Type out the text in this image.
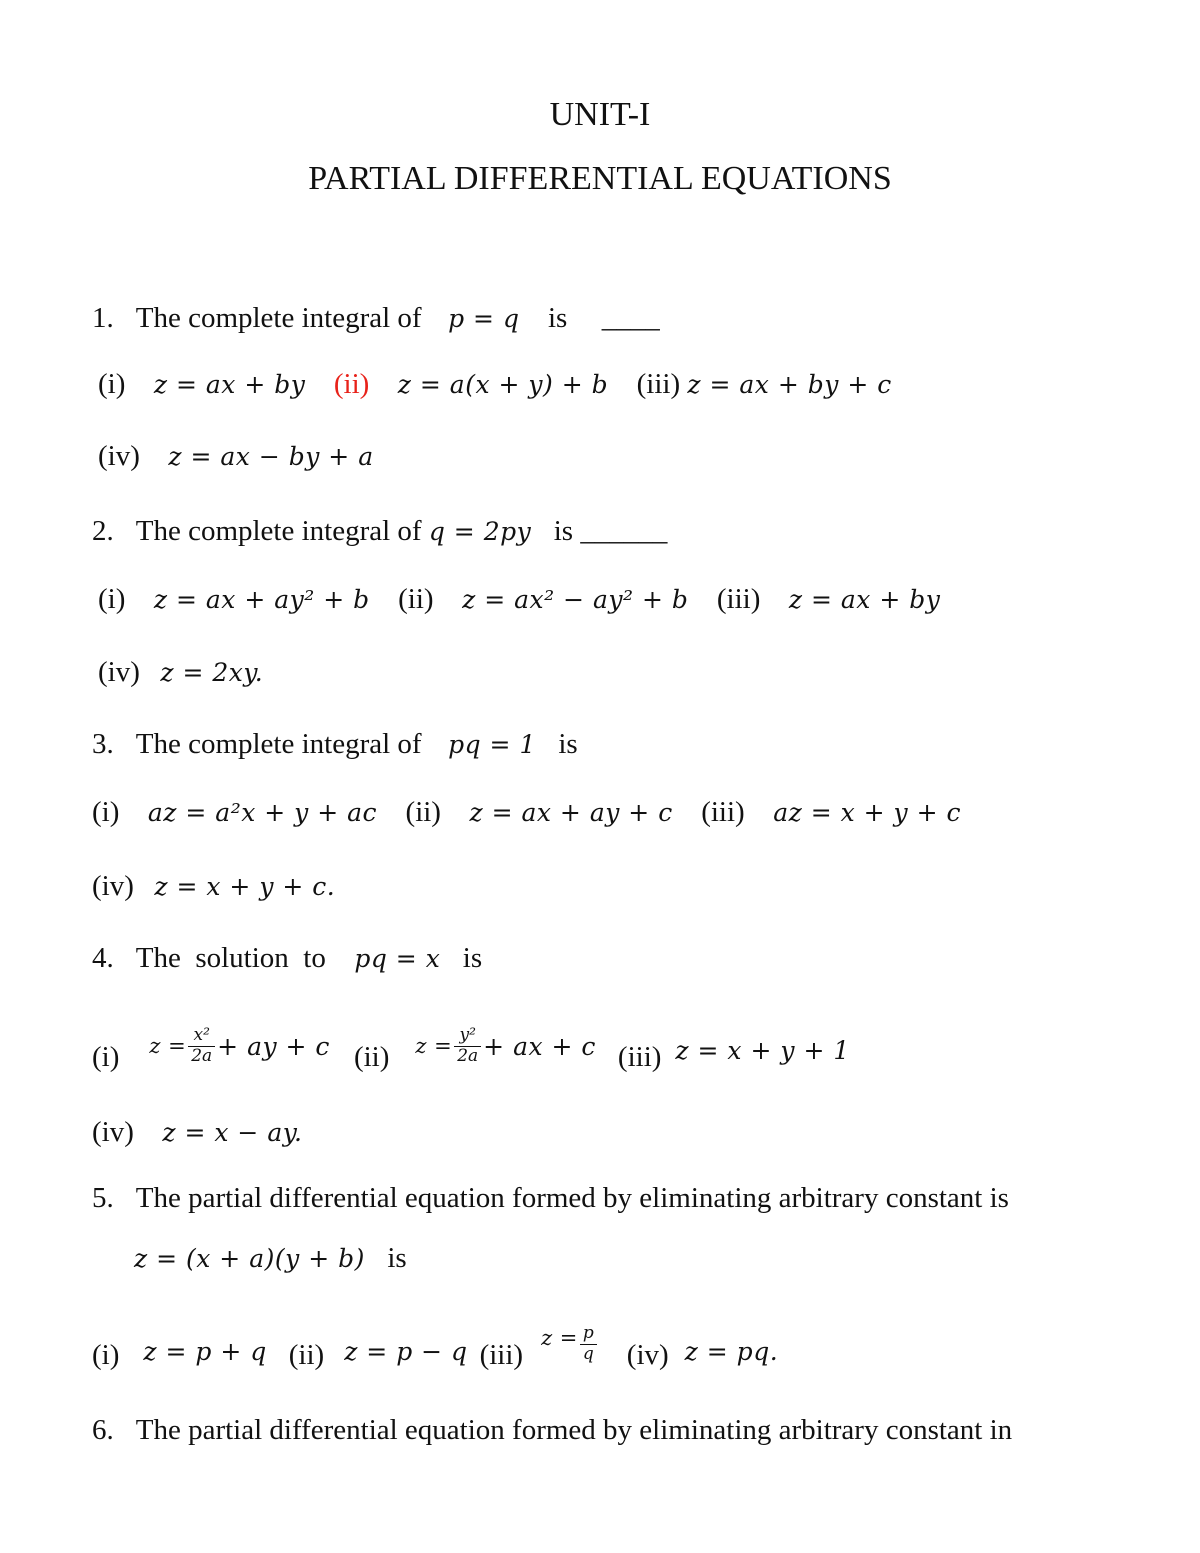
UNIT-I
PARTIAL DIFFERENTIAL EQUATIONS
1. The complete integral of p = q is ____
(i) z = ax + by (ii) z = a(x + y) + b (iii) z = ax + by + c
(iv) z = ax − by + a
2. The complete integral of q = 2py is ______
(i) z = ax + ay² + b (ii) z = ax² − ay² + b (iii) z = ax + by
(iv) z = 2xy.
3. The complete integral of pq = 1 is
(i) az = a²x + y + ac (ii) z = ax + ay + c (iii) az = x + y + c
(iv) z = x + y + c.
4. The  solution  to pq = x is
(i) $z = \frac{\text{x²}}{2a}$ + ay + c (ii) $z = \frac{\text{y²}}{2a}$ + ax + c (iii) z = x + y + 1
(iv) z = x − ay.
5. The partial differential equation formed by eliminating arbitrary constant is
z = (x + a)(y + b) is
(i) z = p + q (ii) z = p − q (iii)
$z = \frac{p}{q} (iv) z$ = pq.
6. The partial differential equation formed by eliminating arbitrary constant in
